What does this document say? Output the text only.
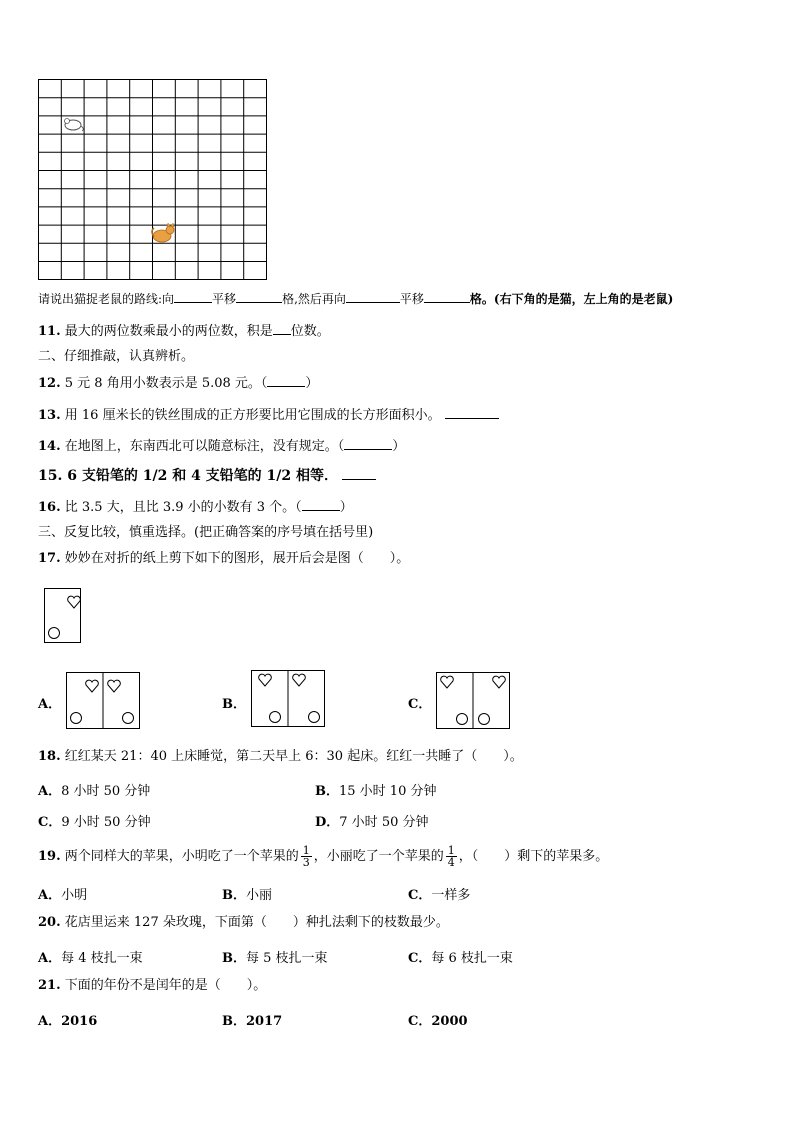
请说出猫捉老鼠的路线:向	平移	格,然后再向	平移	格。(右下角的是猫，左上角的是老鼠)
11. 最大的两位数乘最小的两位数，积是 位数。
二、仔细推敲，认真辨析。
12. 5 元 8 角用小数表示是 5.08 元。（	）
13. 用 16 厘米长的铁丝围成的正方形要比用它围成的长方形面积小。
14. 在地图上，东南西北可以随意标注，没有规定。（	）
15. 6 支铅笔的 1/2 和 4 支铅笔的 1/2 相等．
16. 比 3.5 大，且比 3.9 小的小数有 3 个。（	）
三、反复比较，慎重选择。(把正确答案的序号填在括号里)
17. 妙妙在对折的纸上剪下如下的图形，展开后会是图（　　）。
A．	B．	C．
18. 红红某天 21：40 上床睡觉，第二天早上 6：30 起床。红红一共睡了（　　）。
A．8 小时 50 分钟	B．15 小时 10 分钟
C．9 小时 50 分钟	D．7 小时 50 分钟
19. 两个同样大的苹果，小明吃了一个苹果的 $\frac{1}{3}$ ，小丽吃了一个苹果的 $\frac{1}{4}$ ，（　　）剩下的苹果多。
A．小明	B．小丽	C．一样多
20. 花店里运来 127 朵玫瑰，下面第（　　）种扎法剩下的枝数最少。
A．每 4 枝扎一束	B．每 5 枝扎一束	C．每 6 枝扎一束
21. 下面的年份不是闰年的是（　　）。
A．2016	B．2017	C．2000
